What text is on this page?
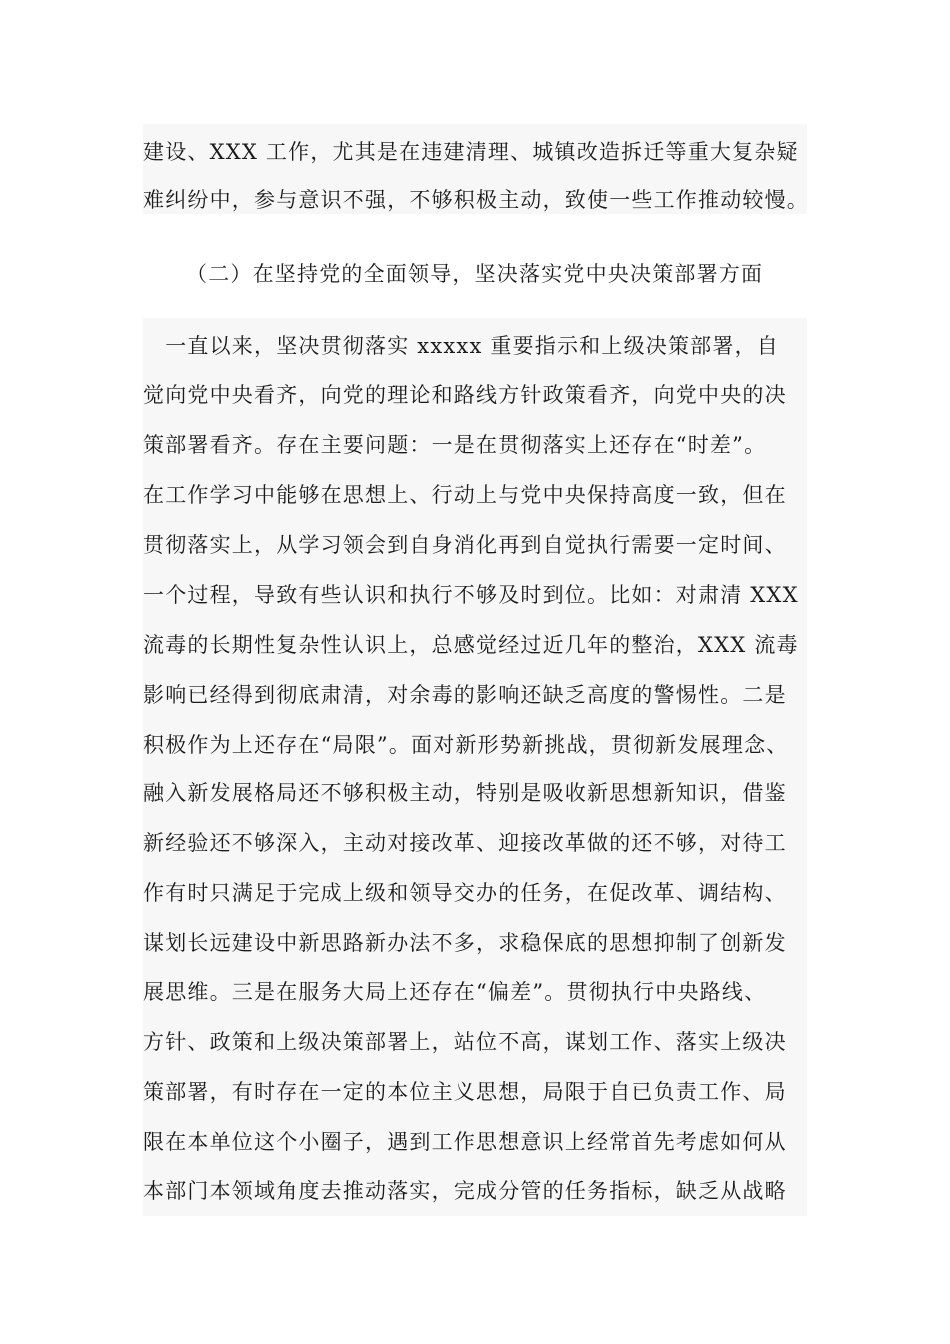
建设、XXX 工作，尤其是在违建清理、城镇改造拆迁等重大复杂疑
难纠纷中，参与意识不强，不够积极主动，致使一些工作推动较慢。
（二）在坚持党的全面领导，坚决落实党中央决策部署方面
　一直以来，坚决贯彻落实 xxxxx 重要指示和上级决策部署，自
觉向党中央看齐，向党的理论和路线方针政策看齐，向党中央的决
策部署看齐。存在主要问题：一是在贯彻落实上还存在“时差”。
在工作学习中能够在思想上、行动上与党中央保持高度一致，但在
贯彻落实上，从学习领会到自身消化再到自觉执行需要一定时间、
一个过程，导致有些认识和执行不够及时到位。比如：对肃清 XXX
流毒的长期性复杂性认识上，总感觉经过近几年的整治，XXX 流毒
影响已经得到彻底肃清，对余毒的影响还缺乏高度的警惕性。二是
积极作为上还存在“局限”。面对新形势新挑战，贯彻新发展理念、
融入新发展格局还不够积极主动，特别是吸收新思想新知识，借鉴
新经验还不够深入，主动对接改革、迎接改革做的还不够，对待工
作有时只满足于完成上级和领导交办的任务，在促改革、调结构、
谋划长远建设中新思路新办法不多，求稳保底的思想抑制了创新发
展思维。三是在服务大局上还存在“偏差”。贯彻执行中央路线、
方针、政策和上级决策部署上，站位不高，谋划工作、落实上级决
策部署，有时存在一定的本位主义思想，局限于自已负责工作、局
限在本单位这个小圈子，遇到工作思想意识上经常首先考虑如何从
本部门本领域角度去推动落实，完成分管的任务指标，缺乏从战略
